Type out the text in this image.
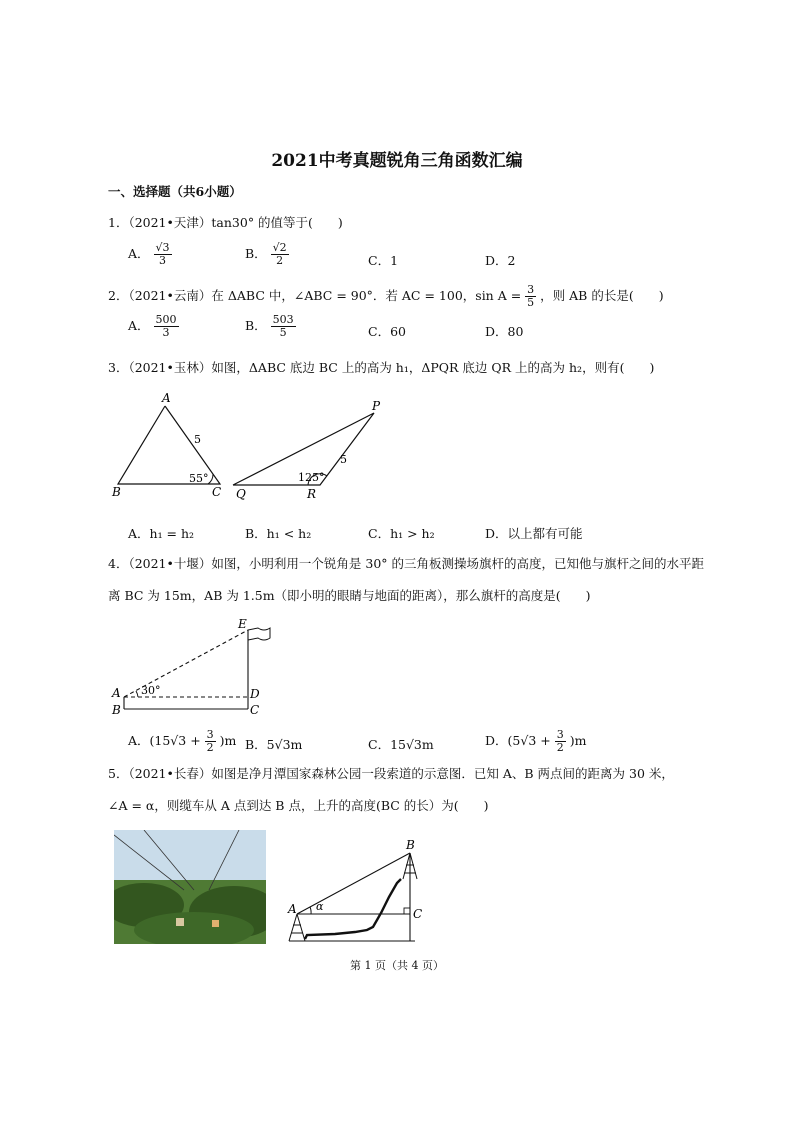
2021中考真题锐角三角函数汇编
一、选择题（共6小题）
1．（2021•天津）tan30° 的值等于(　　)
A． $\frac{√3}{3}$	B． $\frac{√2}{2}$	C．1	D．2
2．（2021•云南）在 ΔABC 中，∠ABC = 90°．若 AC = 100，$\sin A = \frac{3}{5}$ ，则 AB 的长是(　　)
A． $\frac{500}{3}$	B． $\frac{503}{5}$	C．60	D．80
3．（2021•玉林）如图，ΔABC 底边 BC 上的高为 h₁，ΔPQR 底边 QR 上的高为 h₂，则有(　　)
A
B	C
5
55°
P
Q	R
5
125°
A．h₁ = h₂	B．h₁ < h₂	C．h₁ > h₂	D．以上都有可能
4．（2021•十堰）如图，小明利用一个锐角是 30° 的三角板测操场旗杆的高度，已知他与旗杆之间的水平距
离 BC 为 15m，AB 为 1.5m（即小明的眼睛与地面的距离），那么旗杆的高度是(　　)
E
A
B
D
C
30°
A．$(15√3 + \frac{3}{2} )m$ B．5√3m	C．15√3m	D．$(5√3 + \frac{3}{2} )m$
5．（2021•长春）如图是净月潭国家森林公园一段索道的示意图．已知 A、B 两点间的距离为 30 米，
∠A = α，则缆车从 A 点到达 B 点，上升的高度(BC 的长）为(　　)
A
B
C
α
第 1 页（共 4 页）
